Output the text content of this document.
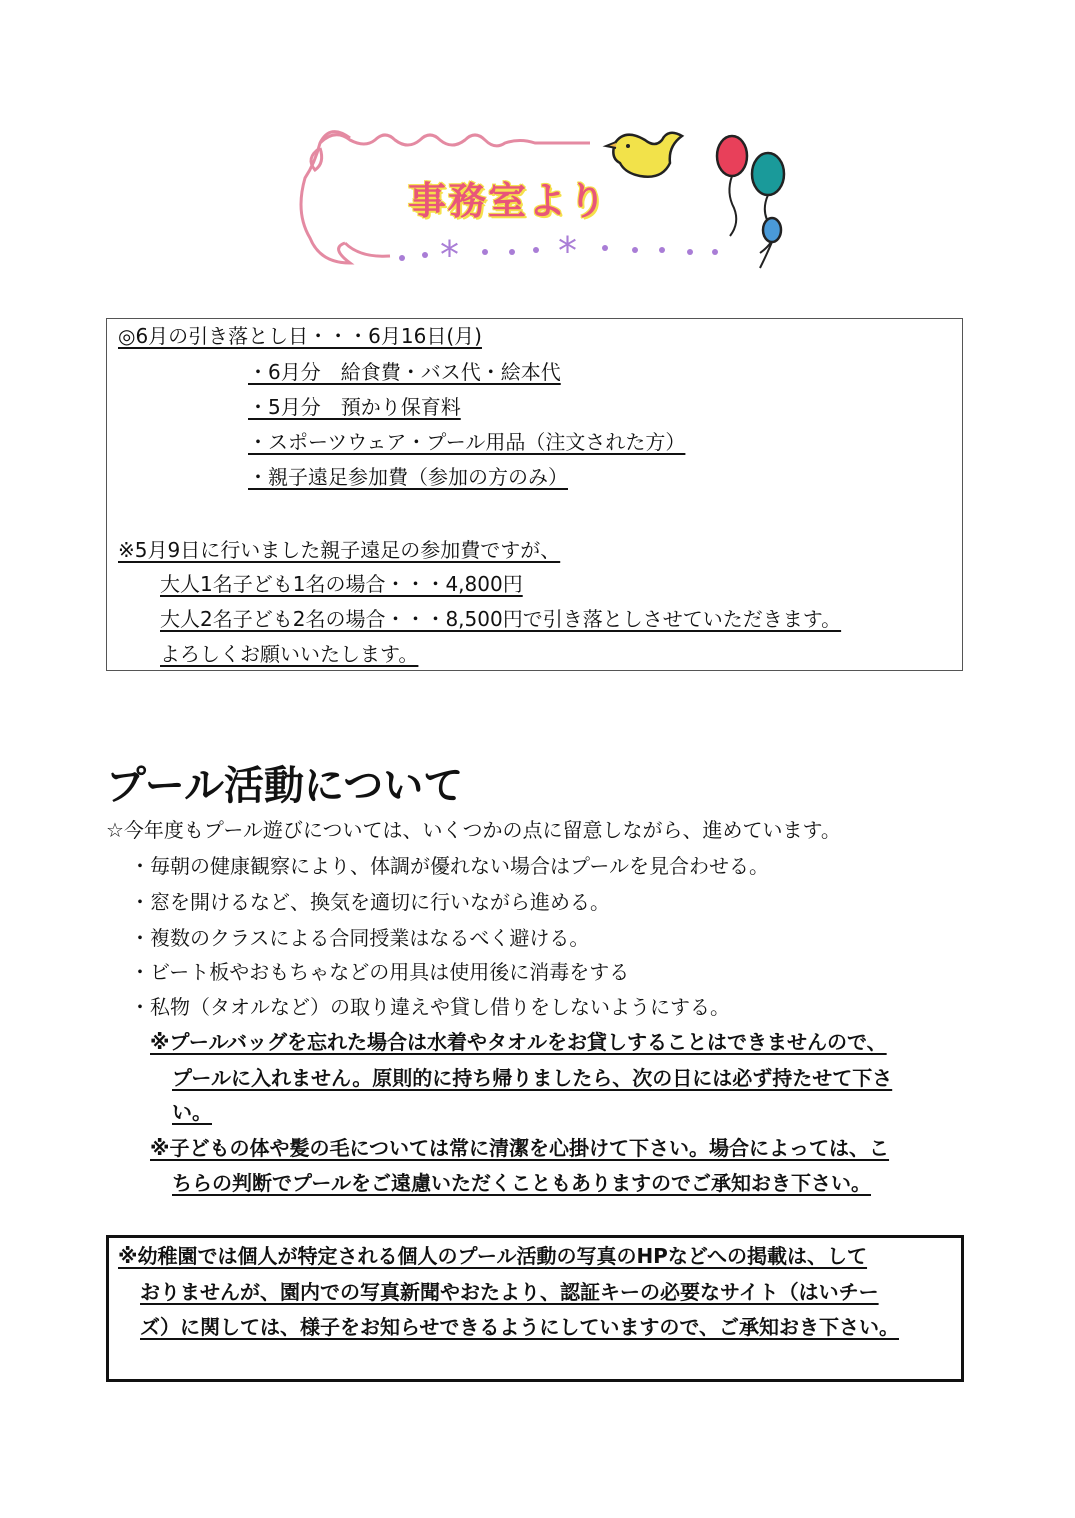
*	*
事務室より
◎6月の引き落とし日・・・6月16日(月)
・6月分　給食費・バス代・絵本代
・5月分　預かり保育料
・スポーツウェア・プール用品（注文された方）
・親子遠足参加費（参加の方のみ）
※5月9日に行いました親子遠足の参加費ですが、
大人1名子ども1名の場合・・・4,800円
大人2名子ども2名の場合・・・8,500円で引き落としさせていただきます。
よろしくお願いいたします。
プール活動について
☆今年度もプール遊びについては、いくつかの点に留意しながら、進めています。
・毎朝の健康観察により、体調が優れない場合はプールを見合わせる。
・窓を開けるなど、換気を適切に行いながら進める。
・複数のクラスによる合同授業はなるべく避ける。
・ビート板やおもちゃなどの用具は使用後に消毒をする
・私物（タオルなど）の取り違えや貸し借りをしないようにする。
※プールバッグを忘れた場合は水着やタオルをお貸しすることはできませんので、
プールに入れません。原則的に持ち帰りましたら、次の日には必ず持たせて下さ
い。
※子どもの体や髪の毛については常に清潔を心掛けて下さい。場合によっては、こ
ちらの判断でプールをご遠慮いただくこともありますのでご承知おき下さい。
※幼稚園では個人が特定される個人のプール活動の写真のHPなどへの掲載は、して
おりませんが、園内での写真新聞やおたより、認証キーの必要なサイト（はいチー
ズ）に関しては、様子をお知らせできるようにしていますので、ご承知おき下さい。
